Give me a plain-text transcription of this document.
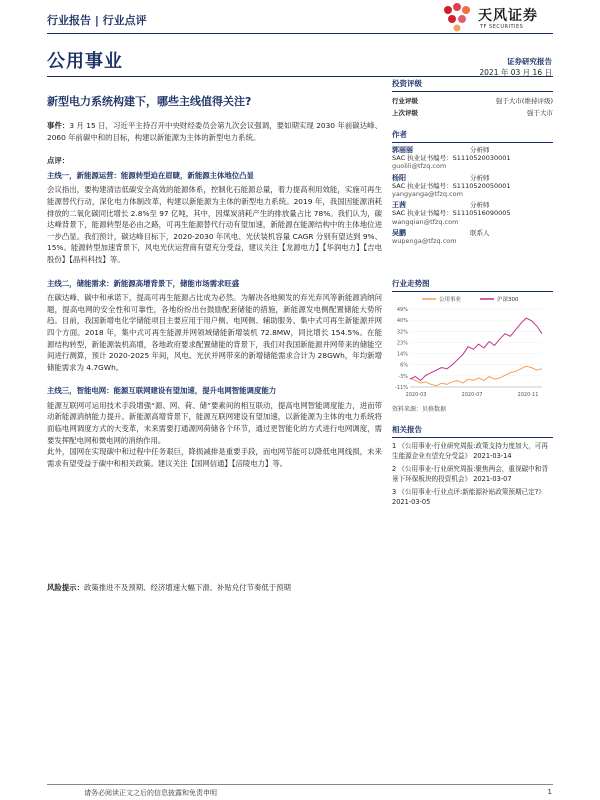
行业报告 | 行业点评	天风证券
TF SECURITIES
公用事业	证券研究报告
2021 年 03 月 16 日
新型电力系统构建下，哪些主线值得关注?

事件：3 月 15 日，习近平主持召开中央财经委员会第九次会议强调，要如期实现 2030 年前碳达峰、2060 年前碳中和的目标，构建以新能源为主体的新型电力系统。

点评：

主线一，新能源运营：能源转型迫在眉睫，新能源主体地位凸显

会议指出，要构建清洁低碳安全高效的能源体系，控制化石能源总量，着力提高利用效能，实施可再生能源替代行动，深化电力体制改革，构建以新能源为主体的新型电力系统。2019 年，我国因能源消耗排放的二氧化碳同比增长 2.8%至 97 亿吨，其中，因煤炭消耗产生的排放量占比 78%。我们认为，碳达峰背景下，能源转型是必由之路，可再生能源替代行动有望加速，新能源在能源结构中的主体地位进一步凸显。我们预计，碳达峰目标下，2020-2030 年风电、光伏装机容量 CAGR 分别有望达到 9%、15%。能源转型加速背景下，风电光伏运营商有望充分受益，建议关注【龙源电力】【华润电力】【吉电股份】【晶科科技】等。

主线二，储能需求：新能源高增背景下，储能市场需求旺盛

在碳达峰、碳中和承诺下，提高可再生能源占比成为必然。为解决各地频发的弃光弃风等新能源消纳问题，提高电网的安全性和可靠性，各地纷纷出台鼓励配套储能的措施，新能源发电侧配置储能大势所趋。目前，我国新增电化学储能项目主要应用于用户侧、电网侧、辅助服务、集中式可再生新能源并网四个方面。2018 年，集中式可再生能源并网领域储能新增装机 72.8MW，同比增长 154.5%。在能源结构转型，新能源装机高增，各地政府要求配置储能的背景下，我们对我国新能源并网带来的储能空间进行测算，预计 2020-2025 年间，风电、光伏并网带来的新增储能需求合计为 28GWh，年均新增储能需求为 4.7GWh。

主线三，智能电网：能源互联网建设有望加速，提升电网智能调度能力

能源互联网可运用技术手段增强“源、网、荷、储”要素间的相互联动，提高电网智能调度能力，进而带动新能源消纳能力提升。新能源高增背景下，能源互联网建设有望加速，以新能源为主体的电力系统将面临电网调度方式的大变革，未来需要打通源网荷储各个环节，通过更智能化的方式进行电网调度，需要发挥配电网和微电网的消纳作用。
此外，国网在实现碳中和过程中任务艰巨，降损减排是重要手段，而电网节能可以降低电网线损，未来需求有望受益于碳中和相关政策。建议关注【国网信通】【涪陵电力】等。

风险提示：政策推进不及预期、经济增速大幅下滑、补贴兑付节奏低于预期
投资评级
行业评级	强于大市(维持评级)
上次评级	强于大市
作者
郭丽丽	分析师
SAC 执业证书编号：S1110520030001
guolili@tfzq.com
杨阳	分析师
SAC 执业证书编号：S1110520050001
yangyanga@tfzq.com
王茜	分析师
SAC 执业证书编号：S1110516090005
wangqian@tfzq.com
吴鹏	联系人
wupenga@tfzq.com
行业走势图
公用事业	沪深300
49%
40%
32%
23%
14%
6%
-3%
-11%
2020-03	2020-07	2020-11
资料来源：贝格数据
相关报告

1 《公用事业-行业研究周报:政策支持力度加大，可再生能源企业有望充分受益》 2021-03-14

2 《公用事业-行业研究周报:聚焦两会，重视碳中和背景下环保板块的投资机会》 2021-03-07

3 《公用事业-行业点评:新能源补贴政策预期已定?》 2021-03-05

请务必阅读正文之后的信息披露和免责申明	1
